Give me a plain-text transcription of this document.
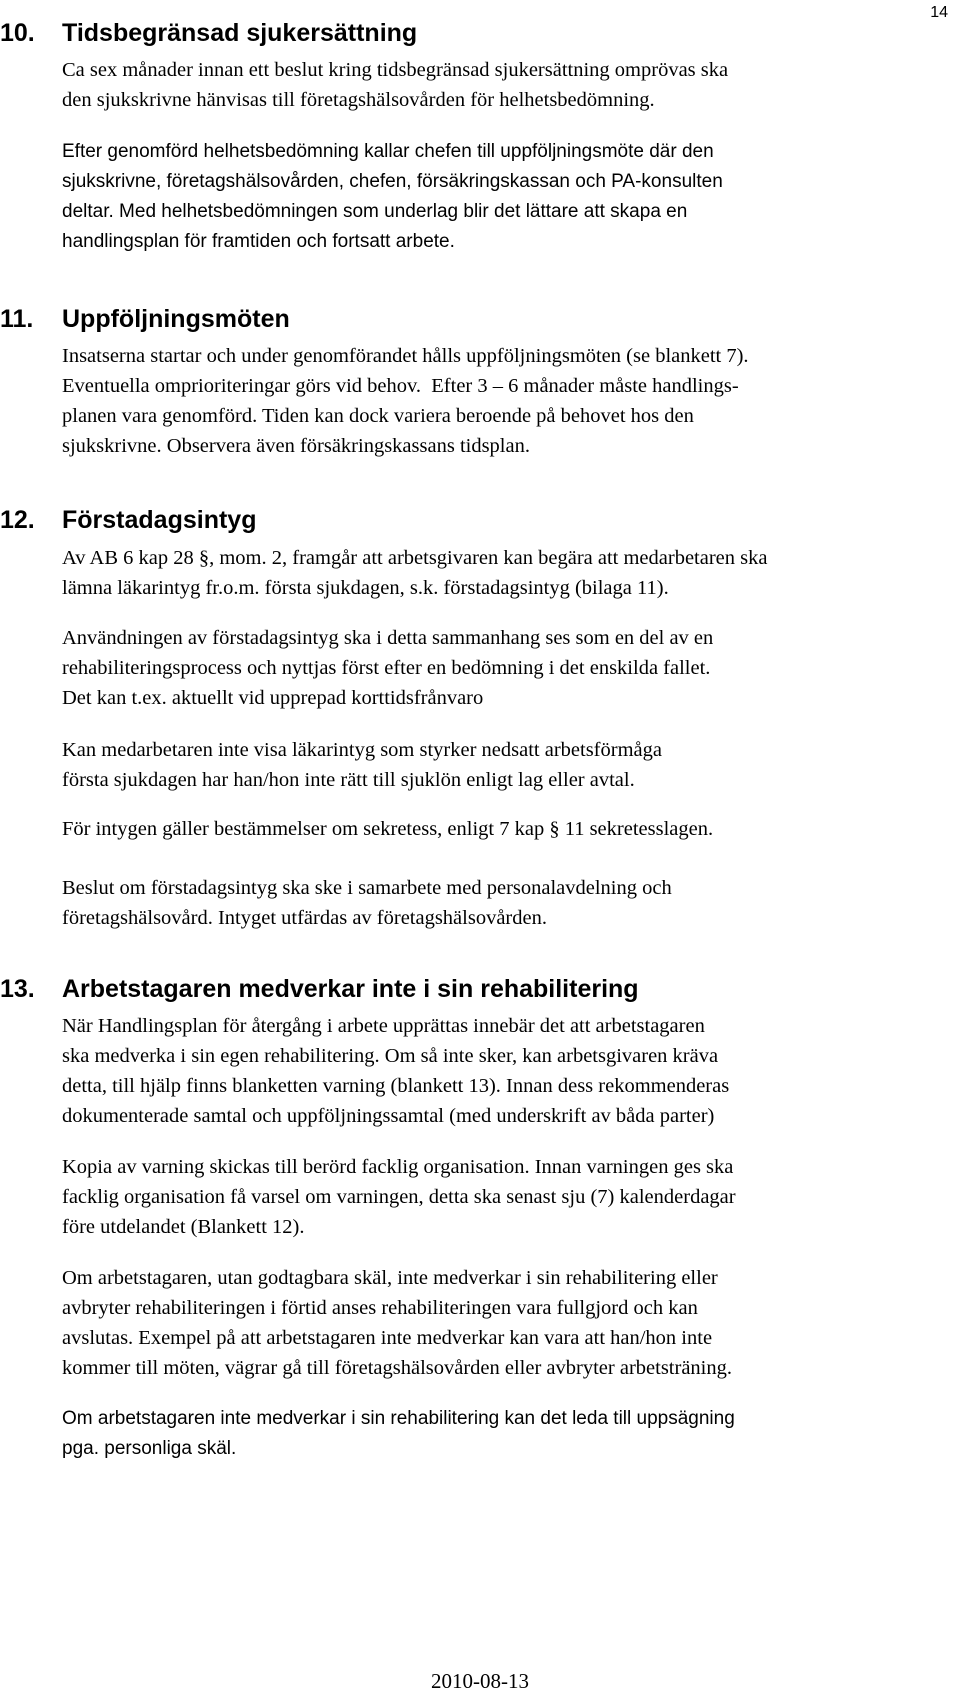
14
10. Tidsbegränsad sjukersättning
Ca sex månader innan ett beslut kring tidsbegränsad sjukersättning omprövas ska
den sjukskrivne hänvisas till företagshälsovården för helhetsbedömning.
Efter genomförd helhetsbedömning kallar chefen till uppföljningsmöte där den
sjukskrivne, företagshälsovården, chefen, försäkringskassan och PA-konsulten
deltar. Med helhetsbedömningen som underlag blir det lättare att skapa en
handlingsplan för framtiden och fortsatt arbete.
11. Uppföljningsmöten
Insatserna startar och under genomförandet hålls uppföljningsmöten (se blankett 7).
Eventuella omprioriteringar görs vid behov.  Efter 3 – 6 månader måste handlings-
planen vara genomförd. Tiden kan dock variera beroende på behovet hos den
sjukskrivne. Observera även försäkringskassans tidsplan.
12. Förstadagsintyg
Av AB 6 kap 28 §, mom. 2, framgår att arbetsgivaren kan begära att medarbetaren ska
lämna läkarintyg fr.o.m. första sjukdagen, s.k. förstadagsintyg (bilaga 11).
Användningen av förstadagsintyg ska i detta sammanhang ses som en del av en
rehabiliteringsprocess och nyttjas först efter en bedömning i det enskilda fallet.
Det kan t.ex. aktuellt vid upprepad korttidsfrånvaro
Kan medarbetaren inte visa läkarintyg som styrker nedsatt arbetsförmåga
första sjukdagen har han/hon inte rätt till sjuklön enligt lag eller avtal.
För intygen gäller bestämmelser om sekretess, enligt 7 kap § 11 sekretesslagen.
Beslut om förstadagsintyg ska ske i samarbete med personalavdelning och
företagshälsovård. Intyget utfärdas av företagshälsovården.
13. Arbetstagaren medverkar inte i sin rehabilitering
När Handlingsplan för återgång i arbete upprättas innebär det att arbetstagaren
ska medverka i sin egen rehabilitering. Om så inte sker, kan arbetsgivaren kräva
detta, till hjälp finns blanketten varning (blankett 13). Innan dess rekommenderas
dokumenterade samtal och uppföljningssamtal (med underskrift av båda parter)
Kopia av varning skickas till berörd facklig organisation. Innan varningen ges ska
facklig organisation få varsel om varningen, detta ska senast sju (7) kalenderdagar
före utdelandet (Blankett 12).
Om arbetstagaren, utan godtagbara skäl, inte medverkar i sin rehabilitering eller
avbryter rehabiliteringen i förtid anses rehabiliteringen vara fullgjord och kan
avslutas. Exempel på att arbetstagaren inte medverkar kan vara att han/hon inte
kommer till möten, vägrar gå till företagshälsovården eller avbryter arbetsträning.
Om arbetstagaren inte medverkar i sin rehabilitering kan det leda till uppsägning
pga. personliga skäl.
2010-08-13
